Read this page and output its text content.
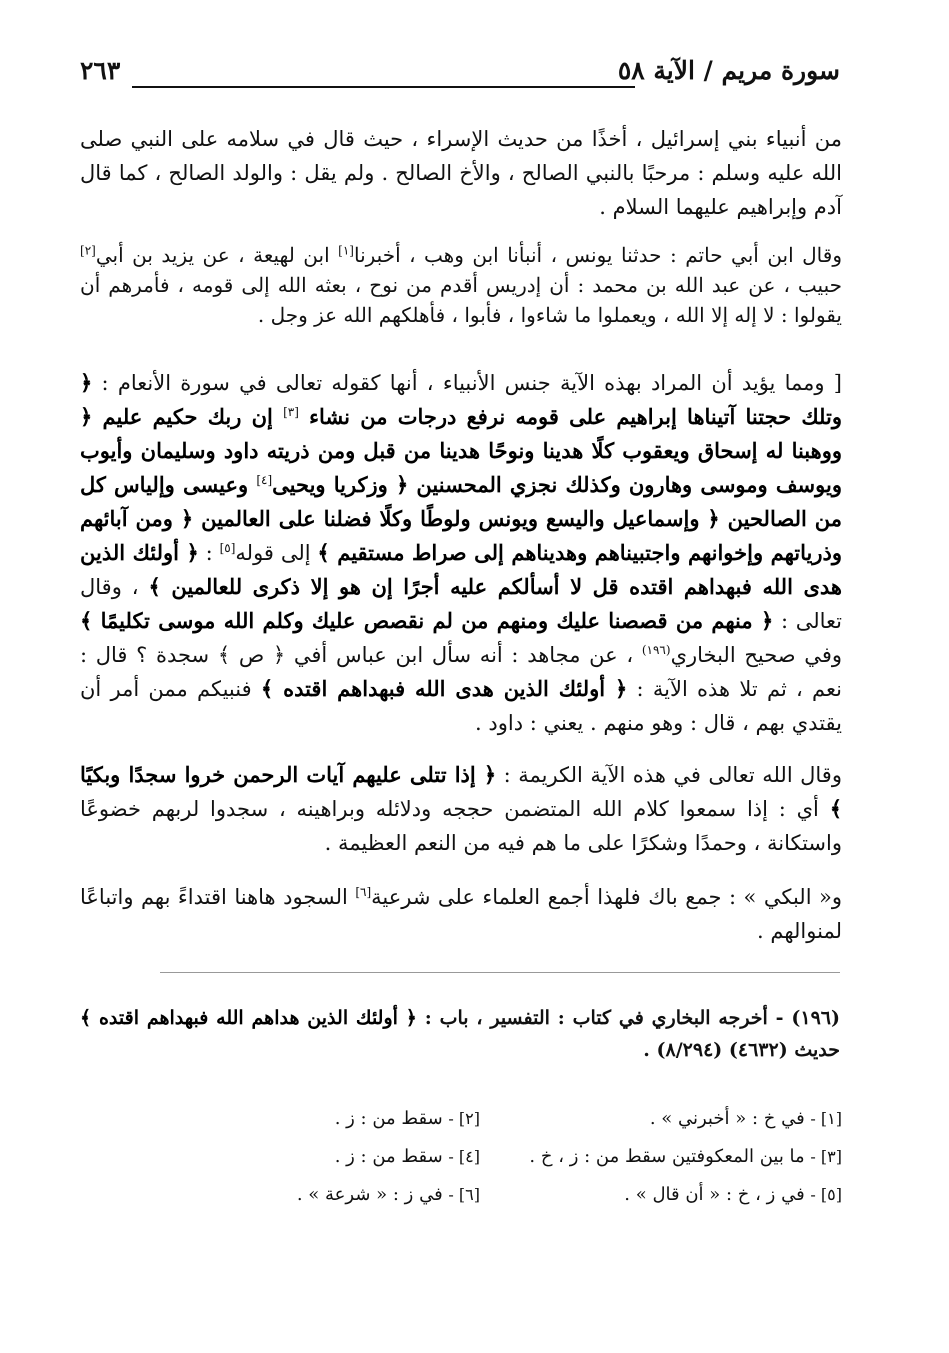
سورة مريم / الآية ٥٨
٢٦٣
من أنبياء بني إسرائيل ، أخذًا من حديث الإسراء ، حيث قال في سلامه على النبي صلى الله عليه وسلم : مرحبًا بالنبي الصالح ، والأخ الصالح . ولم يقل : والولد الصالح ، كما قال آدم وإبراهيم عليهما السلام .
وقال ابن أبي حاتم : حدثنا يونس ، أنبأنا ابن وهب ، أخبرنا[١] ابن لهيعة ، عن يزيد بن أبي[٢] حبيب ، عن عبد الله بن محمد : أن إدريس أقدم من نوح ، بعثه الله إلى قومه ، فأمرهم أن يقولوا : لا إله إلا الله ، ويعملوا ما شاءوا ، فأبوا ، فأهلكهم الله عز وجل .
[ ومما يؤيد أن المراد بهذه الآية جنس الأنبياء ، أنها كقوله تعالى في سورة الأنعام : ﴿ وتلك حجتنا آتيناها إبراهيم على قومه نرفع درجات من نشاء [٣] إن ربك حكيم عليم ﴿ ووهبنا له إسحاق ويعقوب كلًا هدينا ونوحًا هدينا من قبل ومن ذريته داود وسليمان وأيوب ويوسف وموسى وهارون وكذلك نجزي المحسنين ﴿ وزكريا ويحيى[٤] وعيسى وإلياس كل من الصالحين ﴿ وإسماعيل واليسع ويونس ولوطًا وكلًا فضلنا على العالمين ﴿ ومن آبائهم وذرياتهم وإخوانهم واجتبيناهم وهديناهم إلى صراط مستقيم ﴾ إلى قوله[٥] : ﴿ أولئك الذين هدى الله فبهداهم اقتده قل لا أسألكم عليه أجرًا إن هو إلا ذكرى للعالمين ﴾ ، وقال تعالى : ﴿ منهم من قصصنا عليك ومنهم من لم نقصص عليك وكلم الله موسى تكليمًا ﴾ وفي صحيح البخاري$^{(١٩٦)}$ ، عن مجاهد : أنه سأل ابن عباس أفي ﴿ ص ﴾ سجدة ؟ قال : نعم ، ثم تلا هذه الآية : ﴿ أولئك الذين هدى الله فبهداهم اقتده ﴾ فنبيكم ممن أمر أن يقتدي بهم ، قال : وهو منهم . يعني : داود .
وقال الله تعالى في هذه الآية الكريمة : ﴿ إذا تتلى عليهم آيات الرحمن خروا سجدًا وبكيًا ﴾ أي : إذا سمعوا كلام الله المتضمن حججه ودلائله وبراهينه ، سجدوا لربهم خضوعًا واستكانة ، وحمدًا وشكرًا على ما هم فيه من النعم العظيمة .
و« البكي » : جمع باك فلهذا أجمع العلماء على شرعية[٦] السجود هاهنا اقتداءً بهم واتباعًا لمنوالهم .
(١٩٦) - أخرجه البخاري في كتاب : التفسير ، باب : ﴿ أولئك الذين هداهم الله فبهداهم اقتده ﴾ حديث (٤٦٣٢) (٨/٢٩٤) .
[١] - في خ : « أخبرني » .
[٢] - سقط من : ز .
[٣] - ما بين المعكوفتين سقط من : ز ، خ .
[٤] - سقط من : ز .
[٥] - في ز ، خ : « أن قال » .
[٦] - في ز : « شرعة » .
